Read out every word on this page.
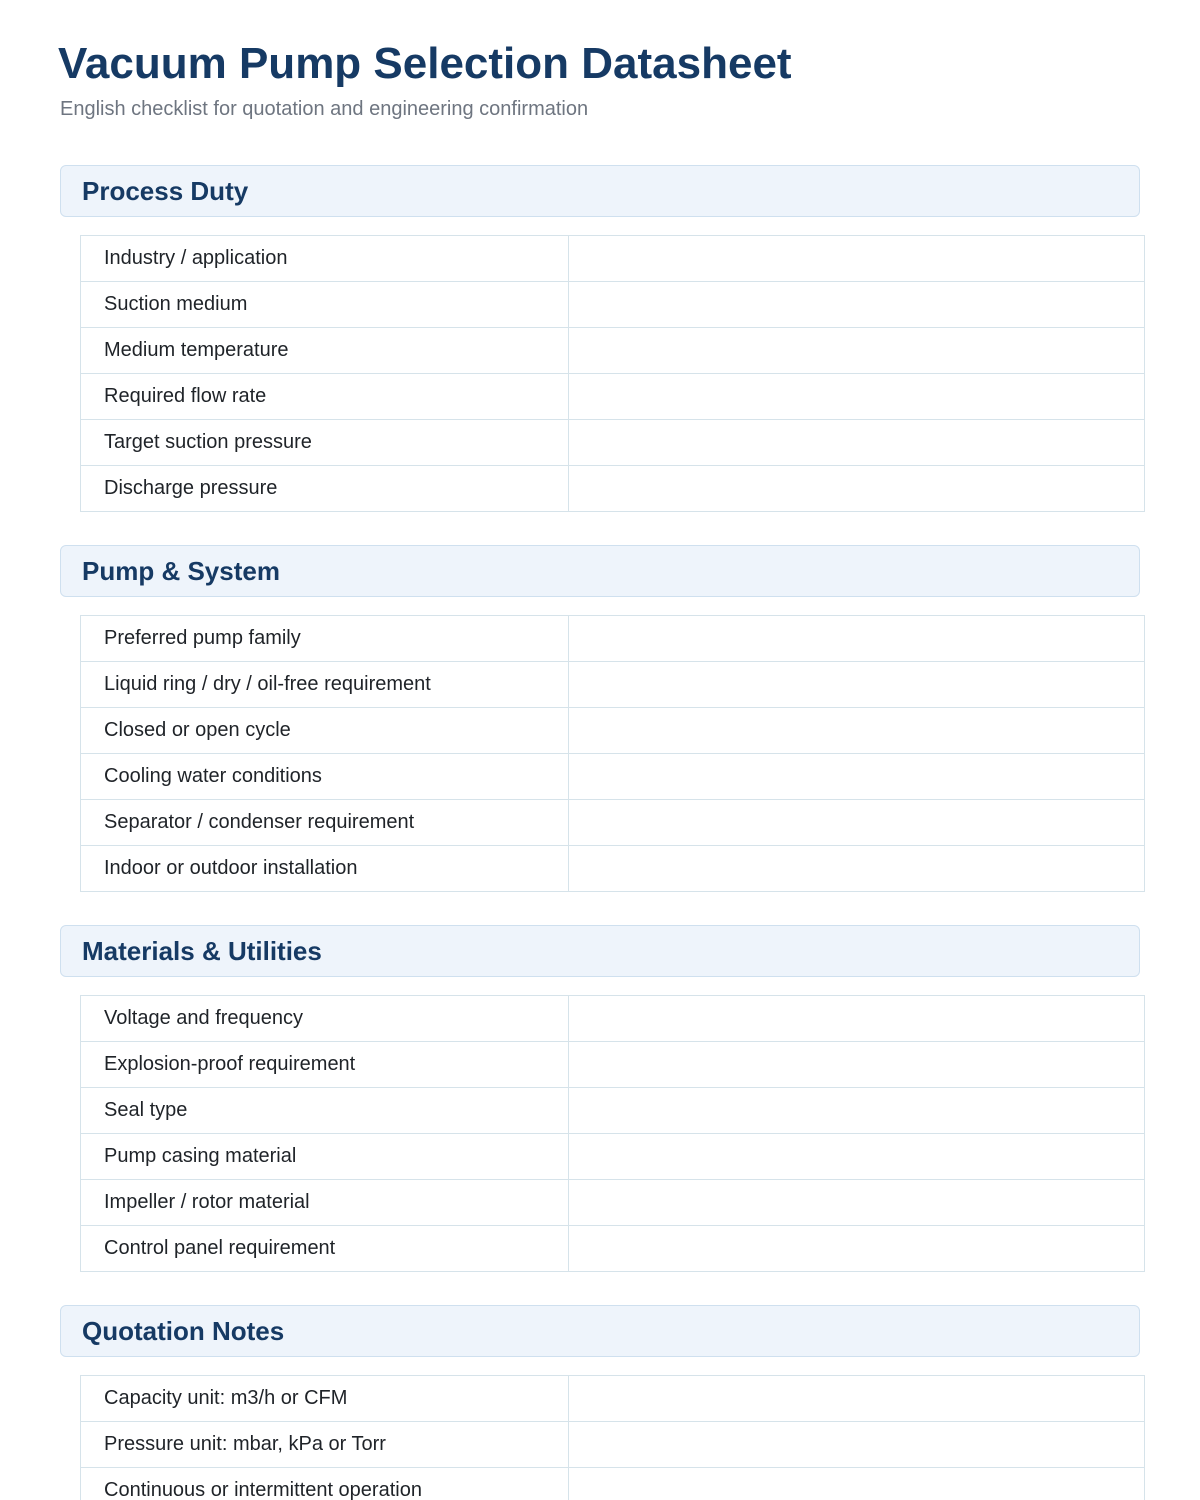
Vacuum Pump Selection Datasheet

English checklist for quotation and engineering confirmation

Process Duty
Industry / application	
Suction medium	
Medium temperature	
Required flow rate	
Target suction pressure	
Discharge pressure	
Pump & System
Preferred pump family	
Liquid ring / dry / oil-free requirement	
Closed or open cycle	
Cooling water conditions	
Separator / condenser requirement	
Indoor or outdoor installation	
Materials & Utilities
Voltage and frequency	
Explosion-proof requirement	
Seal type	
Pump casing material	
Impeller / rotor material	
Control panel requirement	
Quotation Notes
Capacity unit: m3/h or CFM	
Pressure unit: mbar, kPa or Torr	
Continuous or intermittent operation	
